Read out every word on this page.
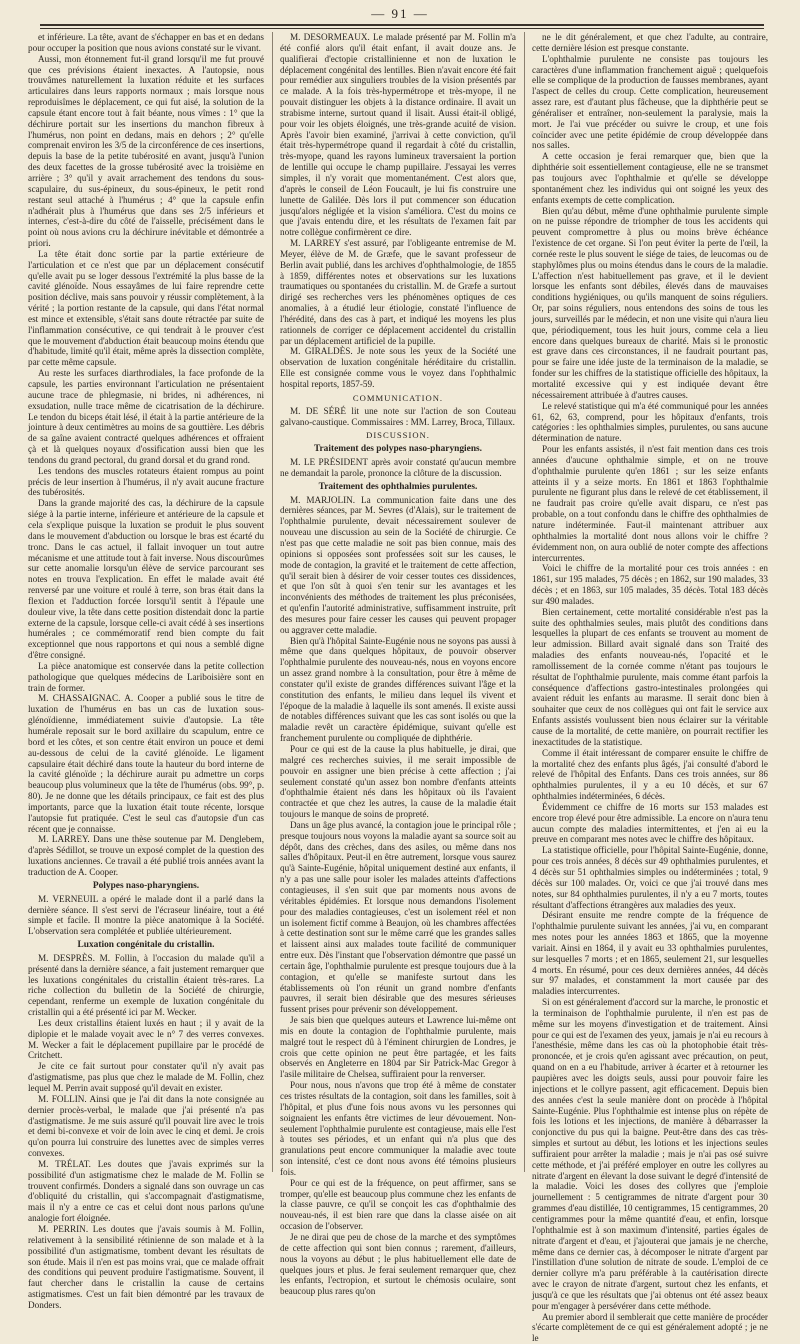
— 91 —

et inférieure. La tête, avant de s'échapper en bas et en dedans pour occuper la position que nous avions constaté sur le vivant.

Aussi, mon étonnement fut-il grand lorsqu'il me fut prouvé que ces prévisions étaient inexactes. A l'autopsie, nous trouvâmes naturellement la luxation réduite et les surfaces articulaires dans leurs rapports normaux ; mais lorsque nous reproduisîmes le déplacement, ce qui fut aisé, la solution de la capsule étant encore tout à fait béante, nous vîmes : 1° que la déchirure portait sur les insertions du manchon fibreux à l'humérus, non point en dedans, mais en dehors ; 2° qu'elle comprenait environ les 3/5 de la circonférence de ces insertions, depuis la base de la petite tubérosité en avant, jusqu'à l'union des deux facettes de la grosse tubérosité avec la troisième en arrière ; 3° qu'il y avait arrachement des tendons du sous-scapulaire, du sus-épineux, du sous-épineux, le petit rond restant seul attaché à l'humérus ; 4° que la capsule enfin n'adhérait plus à l'humérus que dans ses 2/5 inférieurs et internes, c'est-à-dire du côté de l'aisselle, précisément dans le point où nous avions cru la déchirure inévitable et démontrée a priori.

La tête était donc sortie par la partie extérieure de l'articulation et ce n'est que par un déplacement consécutif qu'elle avait pu se loger dessous l'extrémité la plus basse de la cavité glénoïde. Nous essayâmes de lui faire reprendre cette position déclive, mais sans pouvoir y réussir complètement, à la vérité ; la portion restante de la capsule, qui dans l'état normal est mince et extensible, s'était sans doute rétractée par suite de l'inflammation consécutive, ce qui tendrait à le prouver c'est que le mouvement d'abduction était beaucoup moins étendu que d'habitude, limité qu'il était, même après la dissection complète, par cette même capsule.

Au reste les surfaces diarthrodiales, la face profonde de la capsule, les parties environnant l'articulation ne présentaient aucune trace de phlegmasie, ni brides, ni adhérences, ni exsudation, nulle trace même de cicatrisation de la déchirure. Le tendon du biceps était lésé, il était à la partie antérieure de la jointure à deux centimètres au moins de sa gouttière. Les débris de sa gaîne avaient contracté quelques adhérences et offraient çà et là quelques noyaux d'ossification aussi bien que les tendons du grand pectoral, du grand dorsal et du grand rond.

Les tendons des muscles rotateurs étaient rompus au point précis de leur insertion à l'humérus, il n'y avait aucune fracture des tubérosités.

Dans la grande majorité des cas, la déchirure de la capsule siége à la partie interne, inférieure et antérieure de la capsule et cela s'explique puisque la luxation se produit le plus souvent dans le mouvement d'abduction ou lorsque le bras est écarté du tronc. Dans le cas actuel, il fallait invoquer un tout autre mécanisme et une attitude tout à fait inverse. Nous discourûmes sur cette anomalie lorsqu'un élève de service parcourant ses notes en trouva l'explication. En effet le malade avait été renversé par une voiture et roulé à terre, son bras était dans la flexion et l'adduction forcée lorsqu'il sentit à l'épaule une douleur vive, la tête dans cette position distendait donc la partie externe de la capsule, lorsque celle-ci avait cédé à ses insertions humérales ; ce commémoratif rend bien compte du fait exceptionnel que nous rapportons et qui nous a semblé digne d'être consigné.

La pièce anatomique est conservée dans la petite collection pathologique que quelques médecins de Lariboisière sont en train de former.

M. CHASSAIGNAC. A. Cooper a publié sous le titre de luxation de l'humérus en bas un cas de luxation sous-glénoïdienne, immédiatement suivie d'autopsie. La tête humérale reposait sur le bord axillaire du scapulum, entre ce bord et les côtes, et son centre était environ un pouce et demi au-dessous de celui de la cavité glénoïde. Le ligament capsulaire était déchiré dans toute la hauteur du bord interne de la cavité glénoïde ; la déchirure aurait pu admettre un corps beaucoup plus volumineux que la tête de l'humérus (obs. 99°, p. 80). Je ne donne que les détails principaux, ce fait est des plus importants, parce que la luxation était toute récente, lorsque l'autopsie fut pratiquée. C'est le seul cas d'autopsie d'un cas récent que je connaisse.

M. LARREY. Dans une thèse soutenue par M. Denglebem, d'après Sédillot, se trouve un exposé complet de la question des luxations anciennes. Ce travail a été publié trois années avant la traduction de A. Cooper.

Polypes naso-pharyngiens.

M. VERNEUIL a opéré le malade dont il a parlé dans la dernière séance. Il s'est servi de l'écraseur linéaire, tout a été simple et facile. Il montre la pièce anatomique à la Société. L'observation sera complétée et publiée ultérieurement.

Luxation congénitale du cristallin.

M. DESPRÈS. M. Follin, à l'occasion du malade qu'il a présenté dans la dernière séance, a fait justement remarquer que les luxations congénitales du cristallin étaient très-rares. La riche collection du bulletin de la Société de chirurgie, cependant, renferme un exemple de luxation congénitale du cristallin qui a été présenté ici par M. Wecker.

Les deux cristallins étaient luxés en haut ; il y avait de la diplopie et le malade voyait avec le n° 7 des verres convexes. M. Wecker a fait le déplacement pupillaire par le procédé de Critchett.

Je cite ce fait surtout pour constater qu'il n'y avait pas d'astigmatisme, pas plus que chez le malade de M. Follin, chez lequel M. Perrin avait supposé qu'il devait en exister.

M. FOLLIN. Ainsi que je l'ai dit dans la note consignée au dernier procès-verbal, le malade que j'ai présenté n'a pas d'astigmatisme. Je me suis assuré qu'il pouvait lire avec le trois et demi bi-convexe et voir de loin avec le cinq et demi. Je crois qu'on pourra lui construire des lunettes avec de simples verres convexes.

M. TRÉLAT. Les doutes que j'avais exprimés sur la possibilité d'un astigmatisme chez le malade de M. Follin se trouvent confirmés. Donders a signalé dans son ouvrage un cas d'obliquité du cristallin, qui s'accompagnait d'astigmatisme, mais il n'y a entre ce cas et celui dont nous parlons qu'une analogie fort éloignée.

M. PERRIN. Les doutes que j'avais soumis à M. Follin, relativement à la sensibilité rétinienne de son malade et à la possibilité d'un astigmatisme, tombent devant les résultats de son étude. Mais il n'en est pas moins vrai, que ce malade offrait des conditions qui peuvent produire l'astigmatisme. Souvent, il faut chercher dans le cristallin la cause de certains astigmatismes. C'est un fait bien démontré par les travaux de Donders.

M. DESORMEAUX. Le malade présenté par M. Follin m'a été confié alors qu'il était enfant, il avait douze ans. Je qualifierai d'ectopie cristallinienne et non de luxation le déplacement congénital des lentilles. Bien n'avait encore été fait pour remédier aux singuliers troubles de la vision présentés par ce malade. A la fois très-hypermétrope et très-myope, il ne pouvait distinguer les objets à la distance ordinaire. Il avait un strabisme interne, surtout quand il lisait. Aussi était-il obligé, pour voir les objets éloignés, une très-grande acuité de vision. Après l'avoir bien examiné, j'arrivai à cette conviction, qu'il était très-hypermétrope quand il regardait à côté du cristallin, très-myope, quand les rayons lumineux traversaient la portion de lentille qui occupe le champ pupillaire. J'essayai les verres simples, il n'y vorait que momentanément. C'est alors que, d'après le conseil de Léon Foucault, je lui fis construire une lunette de Galilée. Dès lors il put commencer son éducation jusqu'alors négligée et la vision s'améliora. C'est du moins ce que j'avais entendu dire, et les résultats de l'examen fait par notre collègue confirmèrent ce dire.

M. LARREY s'est assuré, par l'obligeante entremise de M. Meyer, élève de M. de Græfe, que le savant professeur de Berlin avait publié, dans les archives d'ophthalmologie, de 1855 à 1859, différentes notes et observations sur les luxations traumatiques ou spontanées du cristallin. M. de Græfe a surtout dirigé ses recherches vers les phénomènes optiques de ces anomalies, à a étudié leur étiologie, constaté l'influence de l'hérédité, dans des cas à part, et indiqué les moyens les plus rationnels de corriger ce déplacement accidentel du cristallin par un déplacement artificiel de la pupille.

M. GIRALDÈS. Je note sous les yeux de la Société une observation de luxation congénitale héréditaire du cristallin. Elle est consignée comme vous le voyez dans l'ophthalmic hospital reports, 1857-59.

COMMUNICATION.

M. DE SÉRÉ lit une note sur l'action de son Couteau galvano-caustique. Commissaires : MM. Larrey, Broca, Tillaux.

DISCUSSION.
Traitement des polypes naso-pharyngiens.

M. LE PRÉSIDENT après avoir constaté qu'aucun membre ne demandait la parole, prononce la clôture de la discussion.

Traitement des ophthalmies purulentes.

M. MARJOLIN. La communication faite dans une des dernières séances, par M. Sevres (d'Alais), sur le traitement de l'ophthalmie purulente, devait nécessairement soulever de nouveau une discussion au sein de la Société de chirurgie. Ce n'est pas que cette maladie ne soit pas bien connue, mais des opinions si opposées sont professées soit sur les causes, le mode de contagion, la gravité et le traitement de cette affection, qu'il serait bien à désirer de voir cesser toutes ces dissidences, et que l'on sût à quoi s'en tenir sur les avantages et les inconvénients des méthodes de traitement les plus préconisées, et qu'enfin l'autorité administrative, suffisamment instruite, prît des mesures pour faire cesser les causes qui peuvent propager ou aggraver cette maladie.

Bien qu'à l'hôpital Sainte-Eugénie nous ne soyons pas aussi à même que dans quelques hôpitaux, de pouvoir observer l'ophthalmie purulente des nouveau-nés, nous en voyons encore un assez grand nombre à la consultation, pour être à même de constater qu'il existe de grandes différences suivant l'âge et la constitution des enfants, le milieu dans lequel ils vivent et l'époque de la maladie à laquelle ils sont amenés. Il existe aussi de notables différences suivant que les cas sont isolés ou que la maladie revêt un caractère épidémique, suivant qu'elle est franchement purulente ou compliquée de diphthérie.

Pour ce qui est de la cause la plus habituelle, je dirai, que malgré ces recherches suivies, il me serait impossible de pouvoir en assigner une bien précise à cette affection ; j'ai seulement constaté qu'un assez bon nombre d'enfants atteints d'ophthalmie étaient nés dans les hôpitaux où ils l'avaient contractée et que chez les autres, la cause de la maladie était toujours le manque de soins de propreté.

Dans un âge plus avancé, la contagion joue le principal rôle ; presque toujours nous voyons la maladie ayant sa source soit au dépôt, dans des crèches, dans des asiles, ou même dans nos salles d'hôpitaux. Peut-il en être autrement, lorsque vous saurez qu'à Sainte-Eugénie, hôpital uniquement destiné aux enfants, il n'y a pas une salle pour isoler les malades atteints d'affections contagieuses, il s'en suit que par moments nous avons de véritables épidémies. Et lorsque nous demandons l'isolement pour des maladies contagieuses, c'est un isolement réel et non un isolement fictif comme à Beaujon, où les chambres affectées à cette destination sont sur le même carré que les grandes salles et laissent ainsi aux malades toute facilité de communiquer entre eux. Dès l'instant que l'observation démontre que passé un certain âge, l'ophthalmie purulente est presque toujours due à la contagion, et qu'elle se manifeste surtout dans les établissements où l'on réunit un grand nombre d'enfants pauvres, il serait bien désirable que des mesures sérieuses fussent prises pour prévenir son développement.

Je sais bien que quelques auteurs et Lawrence lui-même ont mis en doute la contagion de l'ophthalmie purulente, mais malgré tout le respect dû à l'éminent chirurgien de Londres, je crois que cette opinion ne peut être partagée, et les faits observés en Angleterre en 1804 par Sir Patrick-Mac Gregor à l'asile militaire de Chelsea, suffiraient pour la renverser.

Pour nous, nous n'avons que trop été à même de constater ces tristes résultats de la contagion, soit dans les familles, soit à l'hôpital, et plus d'une fois nous avons vu les personnes qui soignaient les enfants être victimes de leur dévouement. Non-seulement l'ophthalmie purulente est contagieuse, mais elle l'est à toutes ses périodes, et un enfant qui n'a plus que des granulations peut encore communiquer la maladie avec toute son intensité, c'est ce dont nous avons été témoins plusieurs fois.

Pour ce qui est de la fréquence, on peut affirmer, sans se tromper, qu'elle est beaucoup plus commune chez les enfants de la classe pauvre, ce qu'il se conçoit les cas d'ophthalmie des nouveau-nés, il est bien rare que dans la classe aisée on ait occasion de l'observer.

Je ne dirai que peu de chose de la marche et des symptômes de cette affection qui sont bien connus ; rarement, d'ailleurs, nous la voyons au début ; le plus habituellement elle date de quelques jours et plus. Je ferai seulement remarquer que, chez les enfants, l'ectropion, et surtout le chémosis oculaire, sont beaucoup plus rares qu'on

ne le dit généralement, et que chez l'adulte, au contraire, cette dernière lésion est presque constante.

L'ophthalmie purulente ne consiste pas toujours les caractères d'une inflammation franchement aiguë ; quelquefois elle se complique de la production de fausses membranes, ayant l'aspect de celles du croup. Cette complication, heureusement assez rare, est d'autant plus fâcheuse, que la diphthérie peut se généraliser et entraîner, non-seulement la paralysie, mais la mort. Je l'ai vue précéder ou suivre le croup, et une fois coïncider avec une petite épidémie de croup développée dans nos salles.

A cette occasion je ferai remarquer que, bien que la diphthérie soit essentiellement contagieuse, elle ne se transmet pas toujours avec l'ophthalmie et qu'elle se développe spontanément chez les individus qui ont soigné les yeux des enfants exempts de cette complication.

Bien qu'au début, même d'une ophthalmie purulente simple on ne puisse répondre de triompher de tous les accidents qui peuvent compromettre à plus ou moins brève échéance l'existence de cet organe. Si l'on peut éviter la perte de l'œil, la cornée reste le plus souvent le siége de taies, de leucomas ou de staphylômes plus ou moins étendus dans le cours de la maladie. L'affection n'est habituellement pas grave, et il le devient lorsque les enfants sont débiles, élevés dans de mauvaises conditions hygiéniques, ou qu'ils manquent de soins réguliers. Or, par soins réguliers, nous entendons des soins de tous les jours, surveillés par le médecin, et non une visite qui n'aura lieu que, périodiquement, tous les huit jours, comme cela a lieu encore dans quelques bureaux de charité. Mais si le pronostic est grave dans ces circonstances, il ne faudrait pourtant pas, pour se faire une idée juste de la terminaison de la maladie, se fonder sur les chiffres de la statistique officielle des hôpitaux, la mortalité excessive qui y est indiquée devant être nécessairement attribuée à d'autres causes.

Le relevé statistique qui m'a été communiqué pour les années 61, 62, 63, comprend, pour les hôpitaux d'enfants, trois catégories : les ophthalmies simples, purulentes, ou sans aucune détermination de nature.

Pour les enfants assistés, il n'est fait mention dans ces trois années d'aucune ophthalmie simple, et on ne trouve d'ophthalmie purulente qu'en 1861 ; sur les seize enfants atteints il y a seize morts. En 1861 et 1863 l'ophthalmie purulente ne figurant plus dans le relevé de cet établissement, il ne faudrait pas croire qu'elle avait disparu, ce n'est pas probable, on a tout confondu dans le chiffre des ophthalmies de nature indéterminée. Faut-il maintenant attribuer aux ophthalmies la mortalité dont nous allons voir le chiffre ? évidemment non, on aura oublié de noter compte des affections intercurrentes.

Voici le chiffre de la mortalité pour ces trois années : en 1861, sur 195 malades, 75 décès ; en 1862, sur 190 malades, 33 décès ; et en 1863, sur 105 malades, 35 décès. Total 183 décès sur 490 malades.

Bien certainement, cette mortalité considérable n'est pas la suite des ophthalmies seules, mais plutôt des conditions dans lesquelles la plupart de ces enfants se trouvent au moment de leur admission. Billard avait signalé dans son Traité des maladies des enfants nouveau-nés, l'opacité et le ramollissement de la cornée comme n'étant pas toujours le résultat de l'ophthalmie purulente, mais comme étant parfois la conséquence d'affections gastro-intestinales prolongées qui avaient réduit les enfants au marasme. Il serait donc bien à souhaiter que ceux de nos collègues qui ont fait le service aux Enfants assistés voulussent bien nous éclairer sur la véritable cause de la mortalité, de cette manière, on pourrait rectifier les inexactitudes de la statistique.

Comme il était intéressant de comparer ensuite le chiffre de la mortalité chez des enfants plus âgés, j'ai consulté d'abord le relevé de l'hôpital des Enfants. Dans ces trois années, sur 86 ophthalmies purulentes, il y a eu 10 décès, et sur 67 ophthalmies indéterminées, 6 décès.

Évidemment ce chiffre de 16 morts sur 153 malades est encore trop élevé pour être admissible. La encore on n'aura tenu aucun compte des maladies intermittentes, et j'en ai eu la preuve en comparant mes notes avec le chiffre des hôpitaux.

La statistique officielle, pour l'hôpital Sainte-Eugénie, donne, pour ces trois années, 8 décès sur 49 ophthalmies purulentes, et 4 décès sur 51 ophthalmies simples ou indéterminées ; total, 9 décès sur 100 malades. Or, voici ce que j'ai trouvé dans mes notes, sur 84 ophthalmies purulentes, il n'y a eu 7 morts, toutes résultant d'affections étrangères aux maladies des yeux.

Désirant ensuite me rendre compte de la fréquence de l'ophthalmie purulente suivant les années, j'ai vu, en comparant mes notes pour les années 1863 et 1865, que la moyenne variait. Ainsi en 1864, il y avait eu 33 ophthalmies purulentes, sur lesquelles 7 morts ; et en 1865, seulement 21, sur lesquelles 4 morts. En résumé, pour ces deux dernières années, 44 décès sur 97 malades, et constamment la mort causée par des maladies intercurrentes.

Si on est généralement d'accord sur la marche, le pronostic et la terminaison de l'ophthalmie purulente, il n'en est pas de même sur les moyens d'investigation et de traitement. Ainsi pour ce qui est de l'examen des yeux, jamais je n'ai eu recours à l'anesthésie, même dans les cas où la photophobie était très-prononcée, et je crois qu'en agissant avec précaution, on peut, quand on en a eu l'habitude, arriver à écarter et à retourner les paupières avec les doigts seuls, aussi pour pouvoir faire les injections et le collyre passent, agit efficacement. Depuis bien des années c'est la seule manière dont on procède à l'hôpital Sainte-Eugénie. Plus l'ophthalmie est intense plus on répète de fois les lotions et les injections, de manière à débarrasser la conjonctive du pus qui la baigne. Peut-être dans des cas très-simples et surtout au début, les lotions et les injections seules suffiraient pour arrêter la maladie ; mais je n'ai pas osé suivre cette méthode, et j'ai préféré employer en outre les collyres au nitrate d'argent en élevant la dose suivant le degré d'intensité de la maladie. Voici les doses des collyres que j'emploie journellement : 5 centigrammes de nitrate d'argent pour 30 grammes d'eau distillée, 10 centigrammes, 15 centigrammes, 20 centigrammes pour la même quantité d'eau, et enfin, lorsque l'ophthalmie est à son maximum d'intensité, parties égales de nitrate d'argent et d'eau, et j'ajouterai que jamais je ne cherche, même dans ce dernier cas, à décomposer le nitrate d'argent par l'instillation d'une solution de nitrate de soude. L'emploi de ce dernier collyre m'a paru préférable à la cautérisation directe avec le crayon de nitrate d'argent, surtout chez les enfants, et jusqu'à ce que les résultats que j'ai obtenus ont été assez beaux pour m'engager à persévérer dans cette méthode.

Au premier abord il semblerait que cette manière de procéder s'écarte complètement de ce qui est généralement adopté ; je ne le
